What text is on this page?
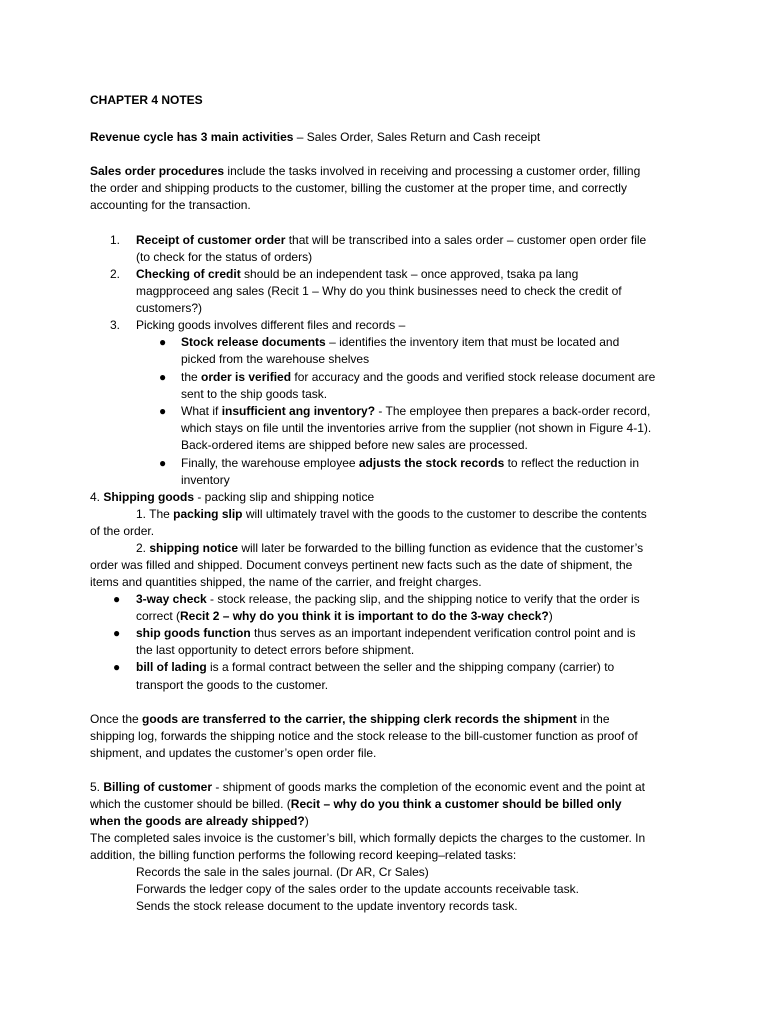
CHAPTER 4 NOTES
Revenue cycle has 3 main activities – Sales Order, Sales Return and Cash receipt
Sales order procedures include the tasks involved in receiving and processing a customer order, filling
the order and shipping products to the customer, billing the customer at the proper time, and correctly
accounting for the transaction.
1. Receipt of customer order that will be transcribed into a sales order – customer open order file
(to check for the status of orders)
2. Checking of credit should be an independent task – once approved, tsaka pa lang
magpproceed ang sales (Recit 1 – Why do you think businesses need to check the credit of
customers?)
3. Picking goods involves different files and records –
● Stock release documents – identifies the inventory item that must be located and
picked from the warehouse shelves
● the order is verified for accuracy and the goods and verified stock release document are
sent to the ship goods task.
● What if insufficient ang inventory? - The employee then prepares a back-order record,
which stays on file until the inventories arrive from the supplier (not shown in Figure 4-1).
Back-ordered items are shipped before new sales are processed.
● Finally, the warehouse employee adjusts the stock records to reflect the reduction in
inventory
4. Shipping goods - packing slip and shipping notice
1. The packing slip will ultimately travel with the goods to the customer to describe the contents
of the order.
2. shipping notice will later be forwarded to the billing function as evidence that the customer’s
order was filled and shipped. Document conveys pertinent new facts such as the date of shipment, the
items and quantities shipped, the name of the carrier, and freight charges.
● 3-way check - stock release, the packing slip, and the shipping notice to verify that the order is
correct (Recit 2 – why do you think it is important to do the 3-way check?)
● ship goods function thus serves as an important independent verification control point and is
the last opportunity to detect errors before shipment.
● bill of lading is a formal contract between the seller and the shipping company (carrier) to
transport the goods to the customer.
Once the goods are transferred to the carrier, the shipping clerk records the shipment in the
shipping log, forwards the shipping notice and the stock release to the bill-customer function as proof of
shipment, and updates the customer’s open order file.
5. Billing of customer - shipment of goods marks the completion of the economic event and the point at
which the customer should be billed. (Recit – why do you think a customer should be billed only
when the goods are already shipped?)
The completed sales invoice is the customer’s bill, which formally depicts the charges to the customer. In
addition, the billing function performs the following record keeping–related tasks:
Records the sale in the sales journal. (Dr AR, Cr Sales)
Forwards the ledger copy of the sales order to the update accounts receivable task.
Sends the stock release document to the update inventory records task.
